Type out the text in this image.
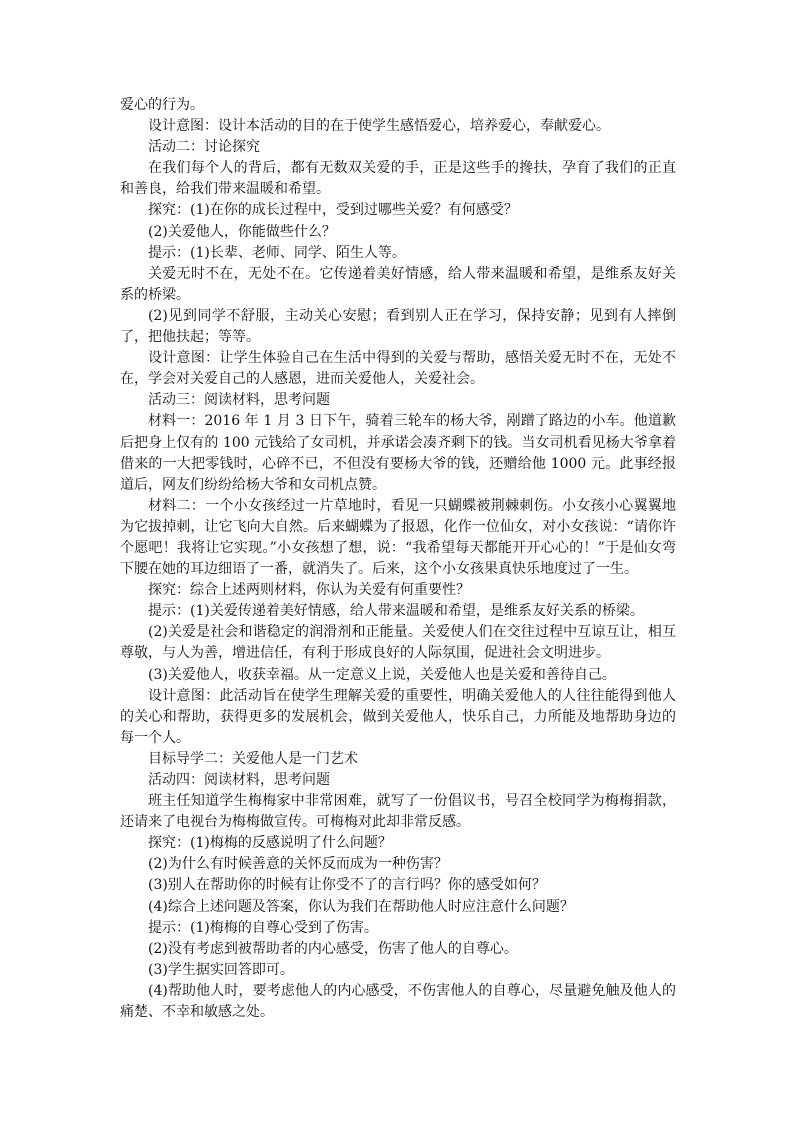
爱心的行为。

设计意图：设计本活动的目的在于使学生感悟爱心，培养爱心，奉献爱心。

活动二：讨论探究

在我们每个人的背后，都有无数双关爱的手，正是这些手的搀扶，孕育了我们的正直和善良，给我们带来温暖和希望。

探究：(1)在你的成长过程中，受到过哪些关爱？有何感受？

(2)关爱他人，你能做些什么？

提示：(1)长辈、老师、同学、陌生人等。

关爱无时不在，无处不在。它传递着美好情感，给人带来温暖和希望，是维系友好关系的桥梁。

(2)见到同学不舒服，主动关心安慰；看到别人正在学习，保持安静；见到有人摔倒了，把他扶起；等等。

设计意图：让学生体验自己在生活中得到的关爱与帮助，感悟关爱无时不在，无处不在，学会对关爱自己的人感恩，进而关爱他人，关爱社会。

活动三：阅读材料，思考问题

材料一：2016 年 1 月 3 日下午，骑着三轮车的杨大爷，剐蹭了路边的小车。他道歉后把身上仅有的 100 元钱给了女司机，并承诺会凑齐剩下的钱。当女司机看见杨大爷拿着借来的一大把零钱时，心碎不已，不但没有要杨大爷的钱，还赠给他 1000 元。此事经报道后，网友们纷纷给杨大爷和女司机点赞。

材料二：一个小女孩经过一片草地时，看见一只蝴蝶被荆棘刺伤。小女孩小心翼翼地为它拔掉刺，让它飞向大自然。后来蝴蝶为了报恩，化作一位仙女，对小女孩说：“请你许个愿吧！我将让它实现。”小女孩想了想，说：“我希望每天都能开开心心的！”于是仙女弯下腰在她的耳边细语了一番，就消失了。后来，这个小女孩果真快乐地度过了一生。

探究：综合上述两则材料，你认为关爱有何重要性？

提示：(1)关爱传递着美好情感，给人带来温暖和希望，是维系友好关系的桥梁。

(2)关爱是社会和谐稳定的润滑剂和正能量。关爱使人们在交往过程中互谅互让，相互尊敬，与人为善，增进信任，有利于形成良好的人际氛围，促进社会文明进步。

(3)关爱他人，收获幸福。从一定意义上说，关爱他人也是关爱和善待自己。

设计意图：此活动旨在使学生理解关爱的重要性，明确关爱他人的人往往能得到他人的关心和帮助，获得更多的发展机会，做到关爱他人，快乐自己，力所能及地帮助身边的每一个人。

目标导学二：关爱他人是一门艺术

活动四：阅读材料，思考问题

班主任知道学生梅梅家中非常困难，就写了一份倡议书，号召全校同学为梅梅捐款，还请来了电视台为梅梅做宣传。可梅梅对此却非常反感。

探究：(1)梅梅的反感说明了什么问题？

(2)为什么有时候善意的关怀反而成为一种伤害？

(3)别人在帮助你的时候有让你受不了的言行吗？你的感受如何？

(4)综合上述问题及答案，你认为我们在帮助他人时应注意什么问题？

提示：(1)梅梅的自尊心受到了伤害。

(2)没有考虑到被帮助者的内心感受，伤害了他人的自尊心。

(3)学生据实回答即可。

(4)帮助他人时，要考虑他人的内心感受，不伤害他人的自尊心，尽量避免触及他人的痛楚、不幸和敏感之处。
